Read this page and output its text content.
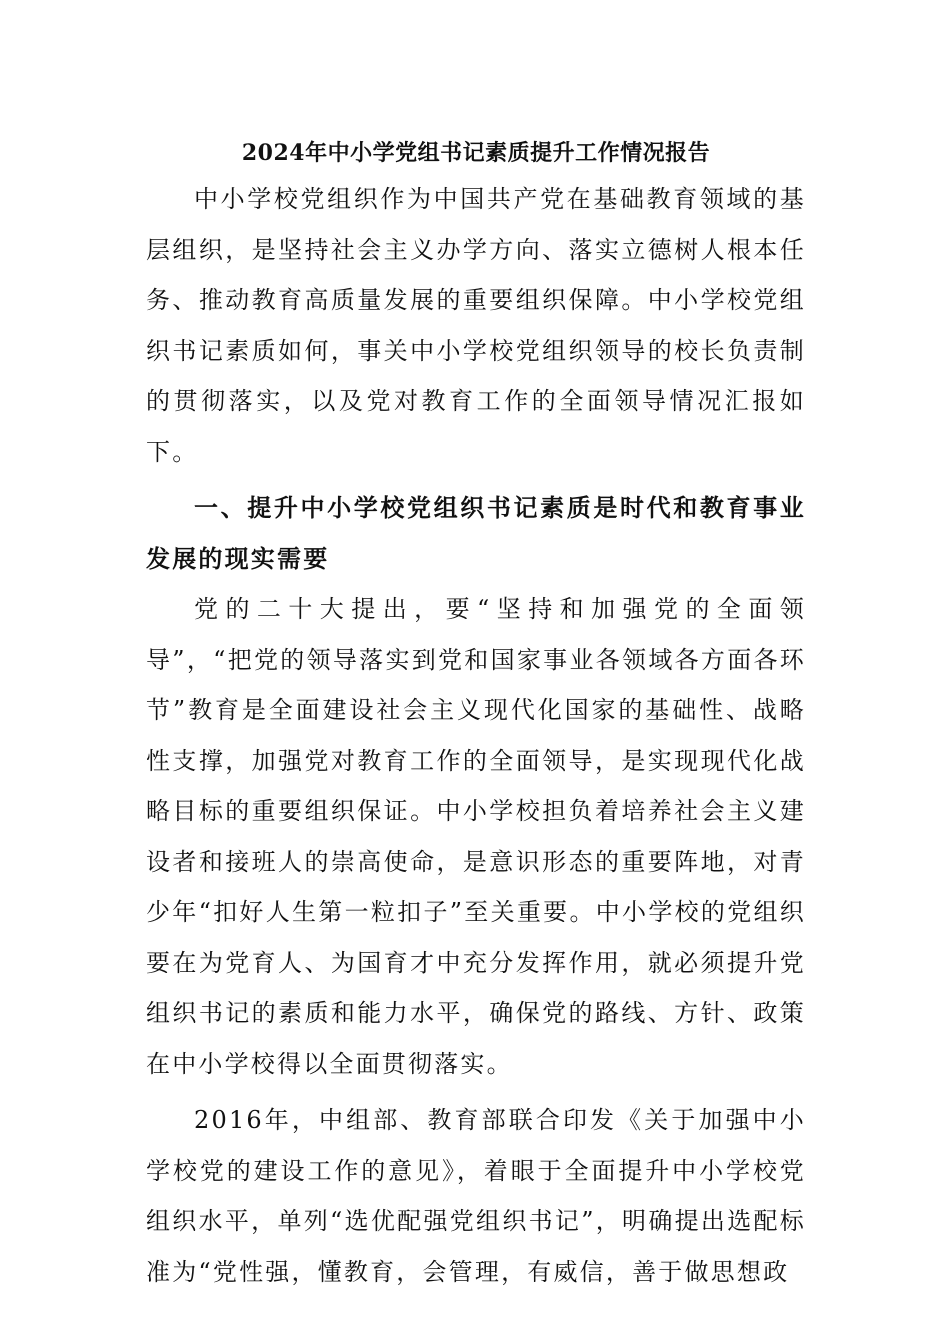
2024年中小学党组书记素质提升工作情况报告

中小学校党组织作为中国共产党在基础教育领域的基层组织，是坚持社会主义办学方向、落实立德树人根本任务、推动教育高质量发展的重要组织保障。中小学校党组织书记素质如何，事关中小学校党组织领导的校长负责制的贯彻落实，以及党对教育工作的全面领导情况汇报如下。

一、提升中小学校党组织书记素质是时代和教育事业发展的现实需要

党的二十大提出，要“坚持和加强党的全面领导”，“把党的领导落实到党和国家事业各领域各方面各环节”教育是全面建设社会主义现代化国家的基础性、战略性支撑，加强党对教育工作的全面领导，是实现现代化战略目标的重要组织保证。中小学校担负着培养社会主义建设者和接班人的崇高使命，是意识形态的重要阵地，对青少年“扣好人生第一粒扣子”至关重要。中小学校的党组织要在为党育人、为国育才中充分发挥作用，就必须提升党组织书记的素质和能力水平，确保党的路线、方针、政策在中小学校得以全面贯彻落实。

2016年，中组部、教育部联合印发《关于加强中小学校党的建设工作的意见》，着眼于全面提升中小学校党组织水平，单列“选优配强党组织书记”，明确提出选配标准为“党性强，懂教育，会管理，有威信，善于做思想政
